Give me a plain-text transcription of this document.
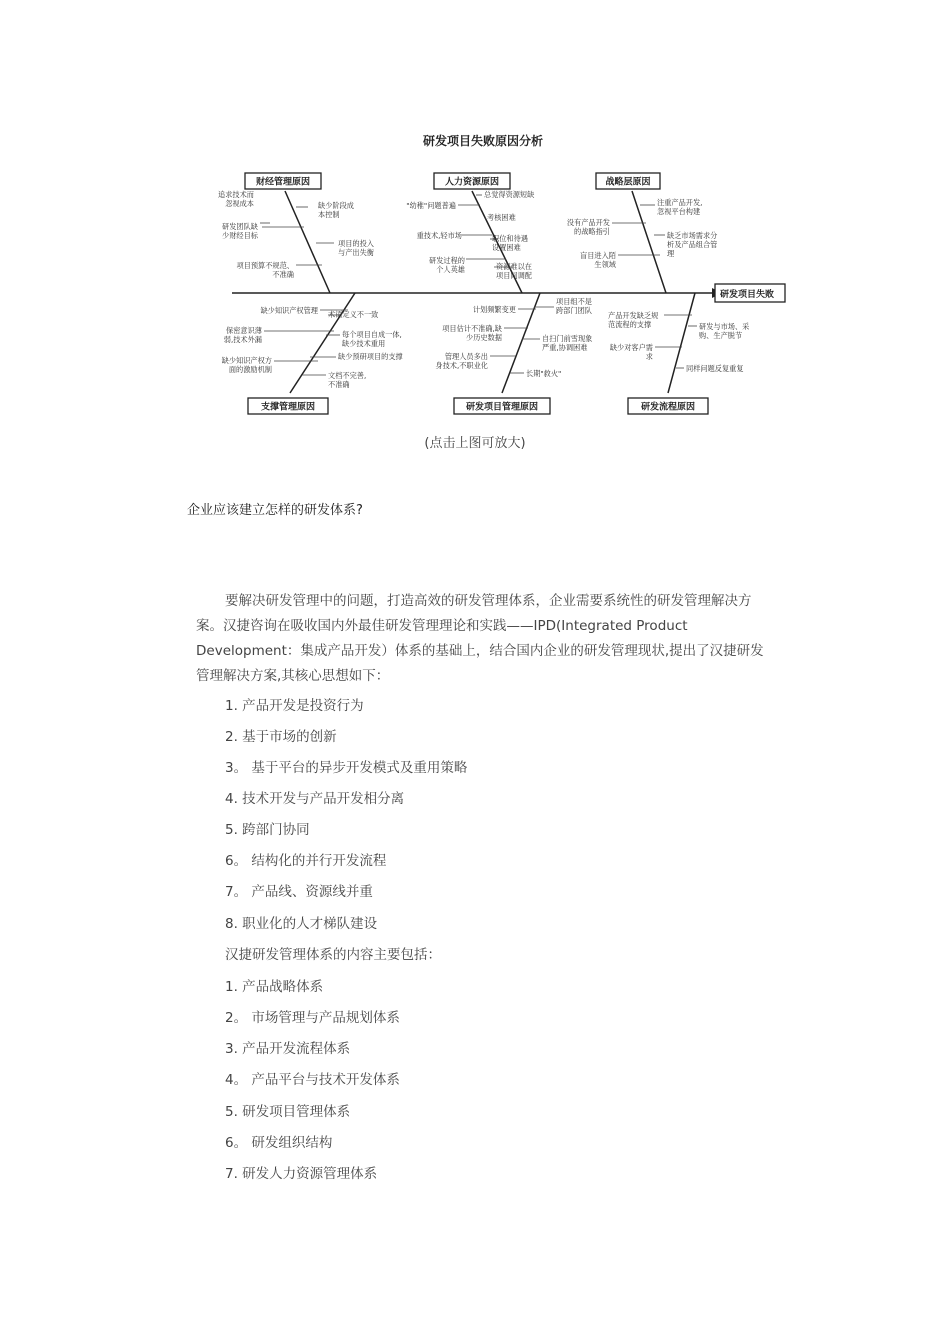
研发项目失败原因分析
研发项目失败
财经管理原因
追求技术而忽视成本	缺少阶段成本控制
研发团队缺少财经目标
项目的投入与产出失衡
项目预算不规范、不准确
人力资源原因
总觉得资源短缺
"幼稚"问题普遍
考核困难
重技术,轻市场	职位和待遇设置困难
研发过程的个人英雄	资源难以在项目间调配
战略层原因
注重产品开发,忽视平台构建
没有产品开发的战略指引	缺乏市场需求分析及产品组合管理
盲目进入陌生领域
支撑管理原因
缺少知识产权管理 术语定义不一致
保密意识薄弱,技术外漏
每个项目自成一体,缺少技术重用
缺少知识产权方面的激励机制
缺少预研项目的支撑
文档不完善,不准确
研发项目管理原因
计划频繁变更
项目组不是跨部门团队
项目估计不准确,缺少历史数据	自扫门前雪现象严重,协调困难
管理人员多出身技术,不职业化
长期"救火"
研发流程原因
产品开发缺乏规范流程的支撑	研发与市场、采购、生产脱节
缺少对客户需求
同样问题反复重复
(点击上图可放大)
企业应该建立怎样的研发体系?
要解决研发管理中的问题，打造高效的研发管理体系，企业需要系统性的研发管理解决方案。汉捷咨询在吸收国内外最佳研发管理理论和实践——IPD(Integrated Product Development：集成产品开发）体系的基础上，结合国内企业的研发管理现状,提出了汉捷研发管理解决方案,其核心思想如下：
1. 产品开发是投资行为
2. 基于市场的创新
3。 基于平台的异步开发模式及重用策略
4. 技术开发与产品开发相分离
5. 跨部门协同
6。 结构化的并行开发流程
7。 产品线、资源线并重
8. 职业化的人才梯队建设
汉捷研发管理体系的内容主要包括：
1. 产品战略体系
2。 市场管理与产品规划体系
3. 产品开发流程体系
4。 产品平台与技术开发体系
5. 研发项目管理体系
6。 研发组织结构
7. 研发人力资源管理体系
